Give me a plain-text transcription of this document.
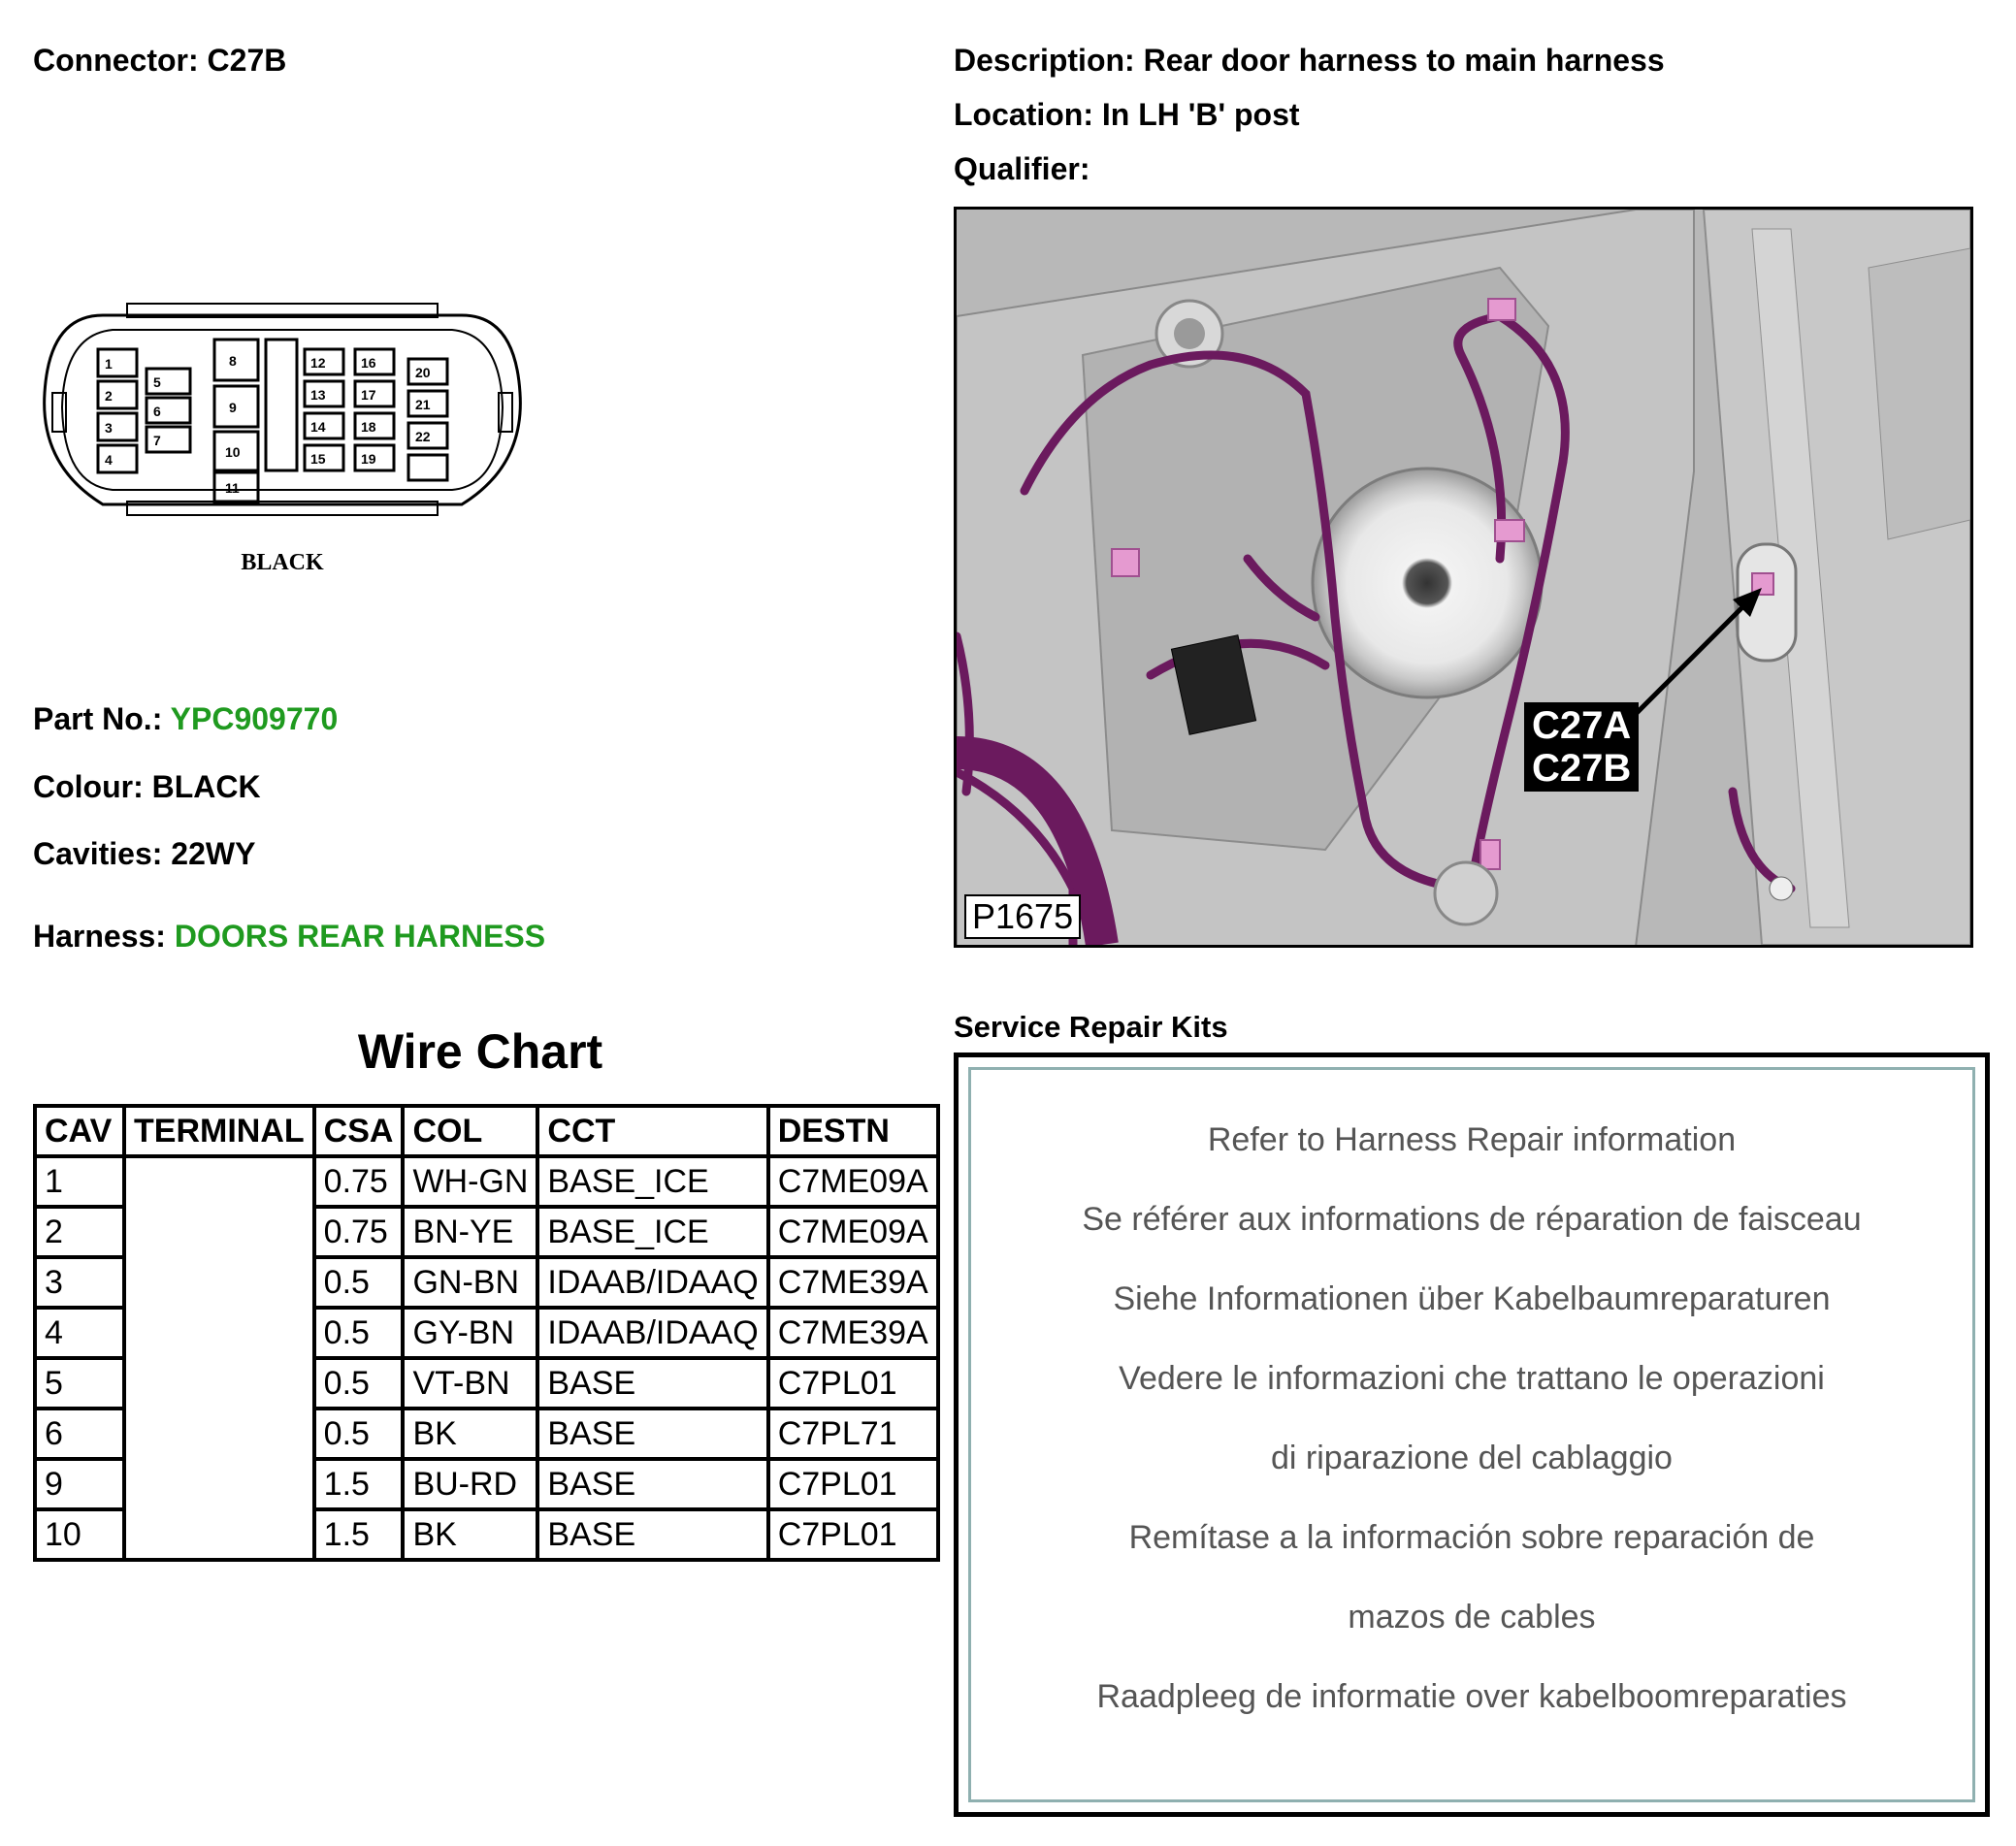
Connector: C27B	Description: Rear door harness to main harness
Location: In LH 'B' post
Qualifier:
1
2
3
4
5
6
7
8
9
10
11
12
13
14
15
16
17
18
19
20
21
22
BLACK
Part No.: YPC909770
Colour: BLACK
Cavities: 22WY
Harness: DOORS REAR HARNESS
Wire Chart
CAV	TERMINAL	CSA	COL	CCT	DESTN
1		0.75	WH-GN	BASE_ICE	C7ME09A
2		0.75	BN-YE	BASE_ICE	C7ME09A
3		0.5	GN-BN	IDAAB/IDAAQ	C7ME39A
4		0.5	GY-BN	IDAAB/IDAAQ	C7ME39A
5		0.5	VT-BN	BASE	C7PL01
6		0.5	BK	BASE	C7PL71
9		1.5	BU-RD	BASE	C7PL01
10		1.5	BK	BASE	C7PL01
C27A
C27B
P1675
Service Repair Kits
Refer to Harness Repair information
Se référer aux informations de réparation de faisceau
Siehe Informationen über Kabelbaumreparaturen
Vedere le informazioni che trattano le operazioni
di riparazione del cablaggio
Remítase a la información sobre reparación de
mazos de cables
Raadpleeg de informatie over kabelboomreparaties
